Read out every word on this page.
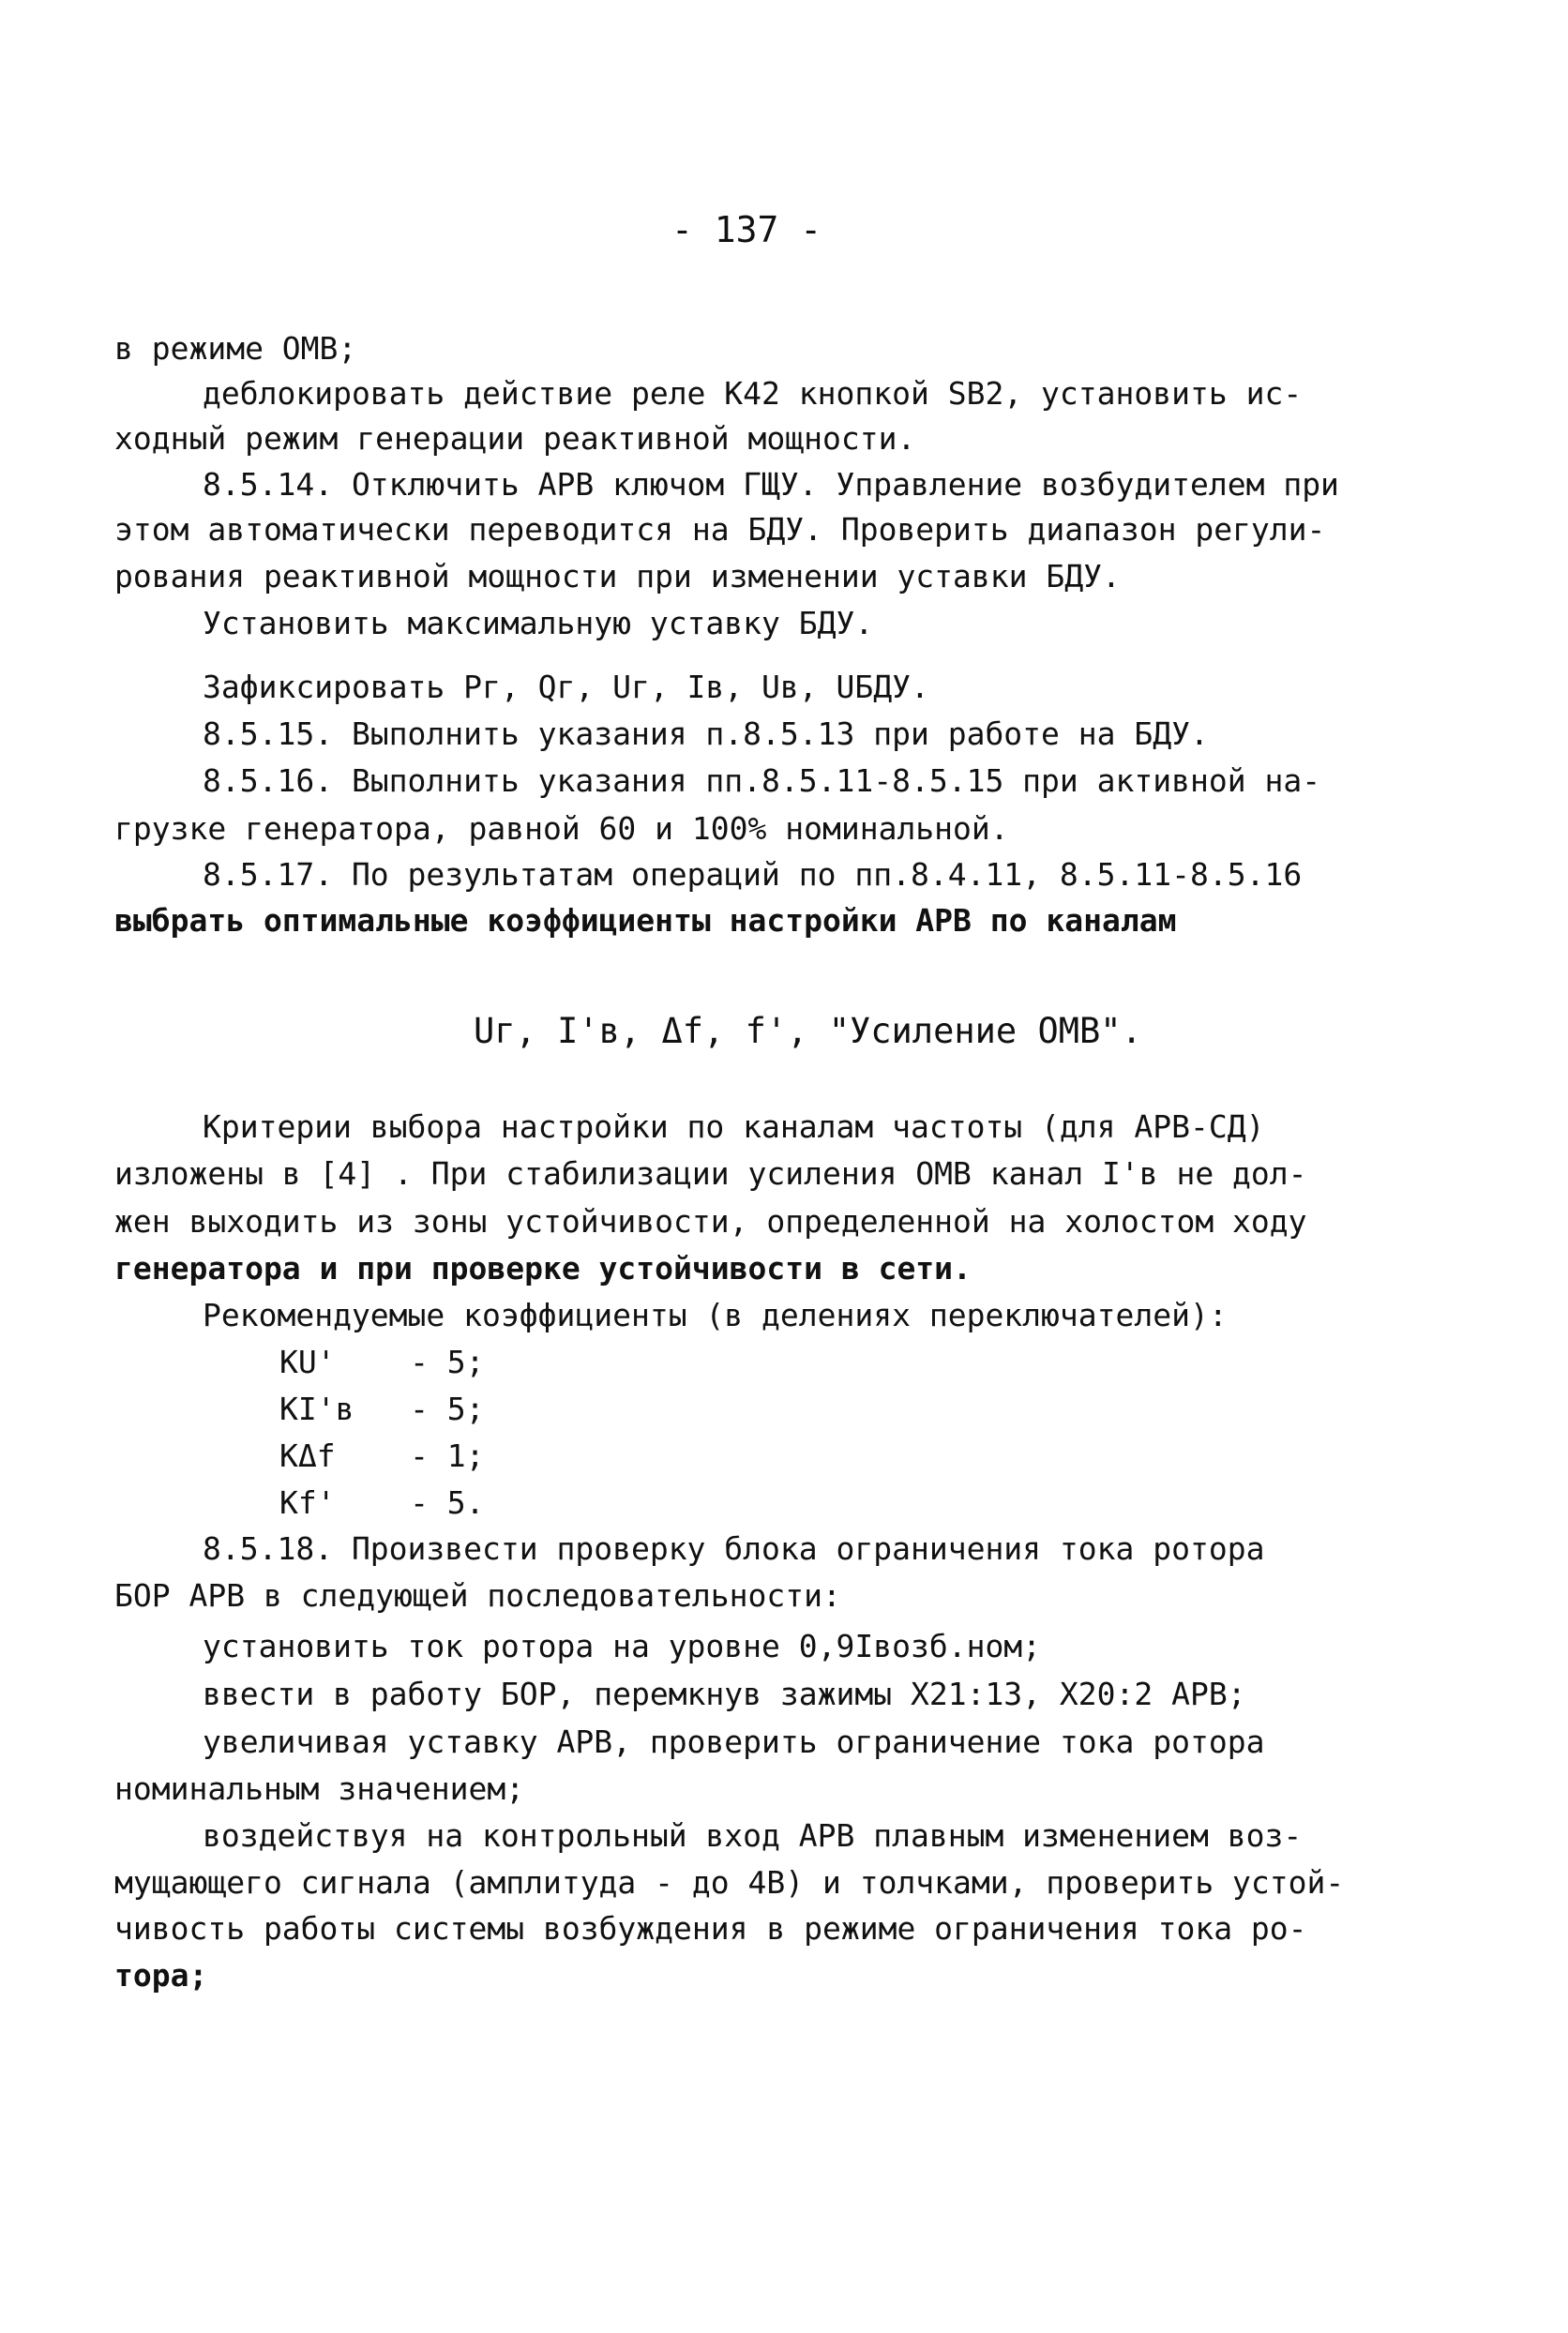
- 137 -
в режиме ОМВ;
деблокировать действие реле К42 кнопкой SВ2, установить ис-
ходный режим генерации реактивной мощности.
8.5.14. Отключить АРВ ключом ГЩУ. Управление возбудителем при
этом автоматически переводится на БДУ. Проверить диапазон регули-
рования реактивной мощности при изменении уставки БДУ.
Установить максимальную уставку БДУ.
Зафиксировать Pг, Qг, Uг, Iв, Uв, UБДУ.
8.5.15. Выполнить указания п.8.5.13 при работе на БДУ.
8.5.16. Выполнить указания пп.8.5.11-8.5.15 при активной на-
грузке генератора, равной 60 и 100% номинальной.
8.5.17. По результатам операций по пп.8.4.11, 8.5.11-8.5.16
выбрать оптимальные коэффициенты настройки АРВ по каналам
Uг, I'в, Δf, f', "Усиление ОМВ".
Критерии выбора настройки по каналам частоты (для АРВ-СД)
изложены в [4] . При стабилизации усиления ОМВ канал I'в не дол-
жен выходить из зоны устойчивости, определенной на холостом ходу
генератора и при проверке устойчивости в сети.
Рекомендуемые коэффициенты (в делениях переключателей):
КU'    - 5;
КI'в   - 5;
КΔf    - 1;
Кf'    - 5.
8.5.18. Произвести проверку блока ограничения тока ротора
БОР АРВ в следующей последовательности:
установить ток ротора на уровне 0,9Iвозб.ном;
ввести в работу БОР, перемкнув зажимы Х21:13, Х20:2 АРВ;
увеличивая уставку АРВ, проверить ограничение тока ротора
номинальным значением;
воздействуя на контрольный вход АРВ плавным изменением воз-
мущающего сигнала (амплитуда - до 4В) и толчками, проверить устой-
чивость работы системы возбуждения в режиме ограничения тока ро-
тора;
